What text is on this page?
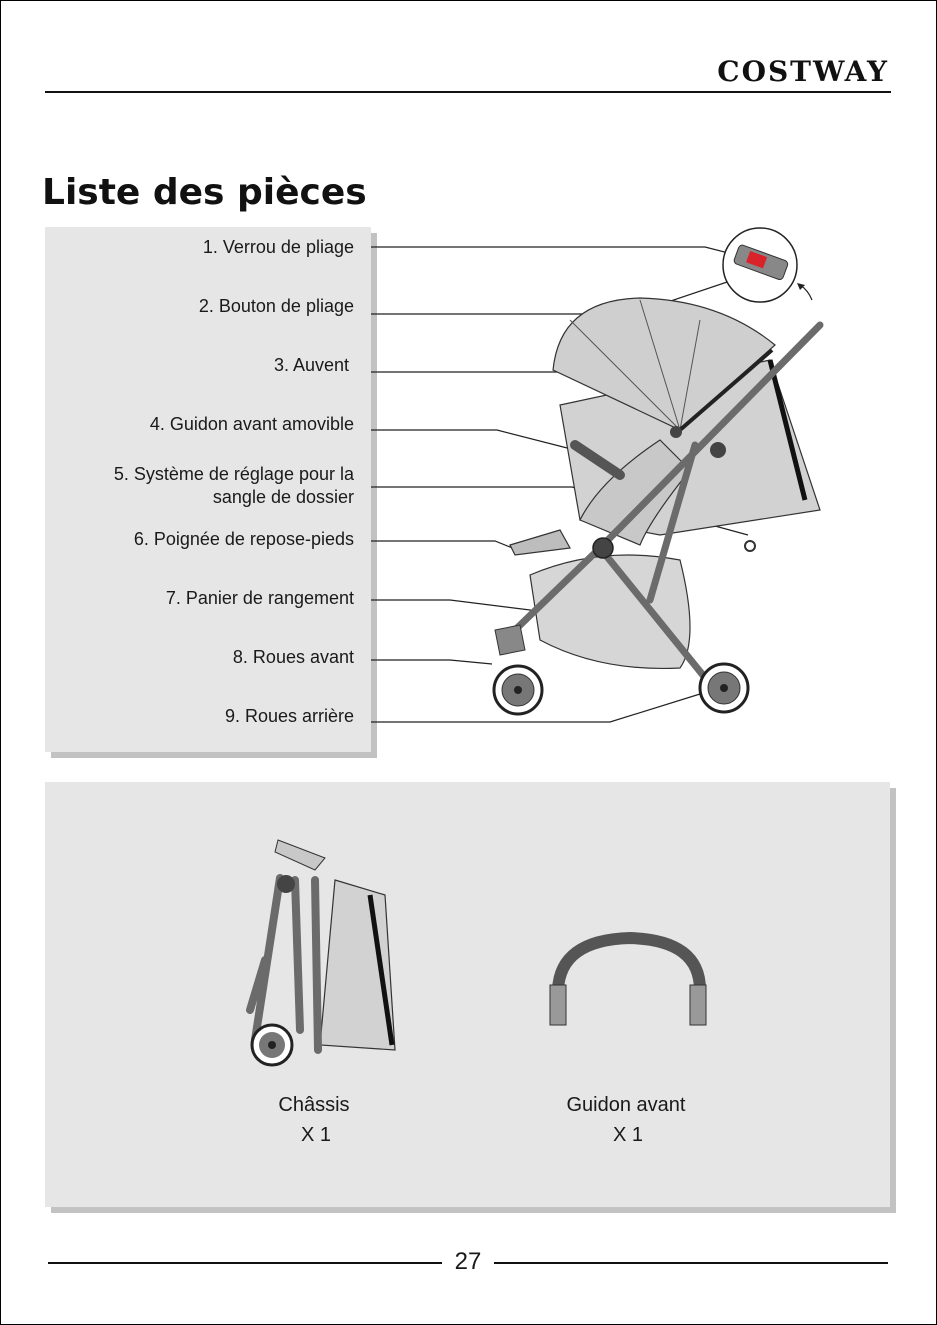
COSTWAY
Liste des pièces
1. Verrou de pliage
2. Bouton de pliage
3. Auvent
4. Guidon avant amovible
5. Système de réglage pour la
sangle de dossier
6. Poignée de repose-pieds
7. Panier de rangement
8. Roues avant
9. Roues arrière
Châssis
X 1
Guidon avant
X 1
27
